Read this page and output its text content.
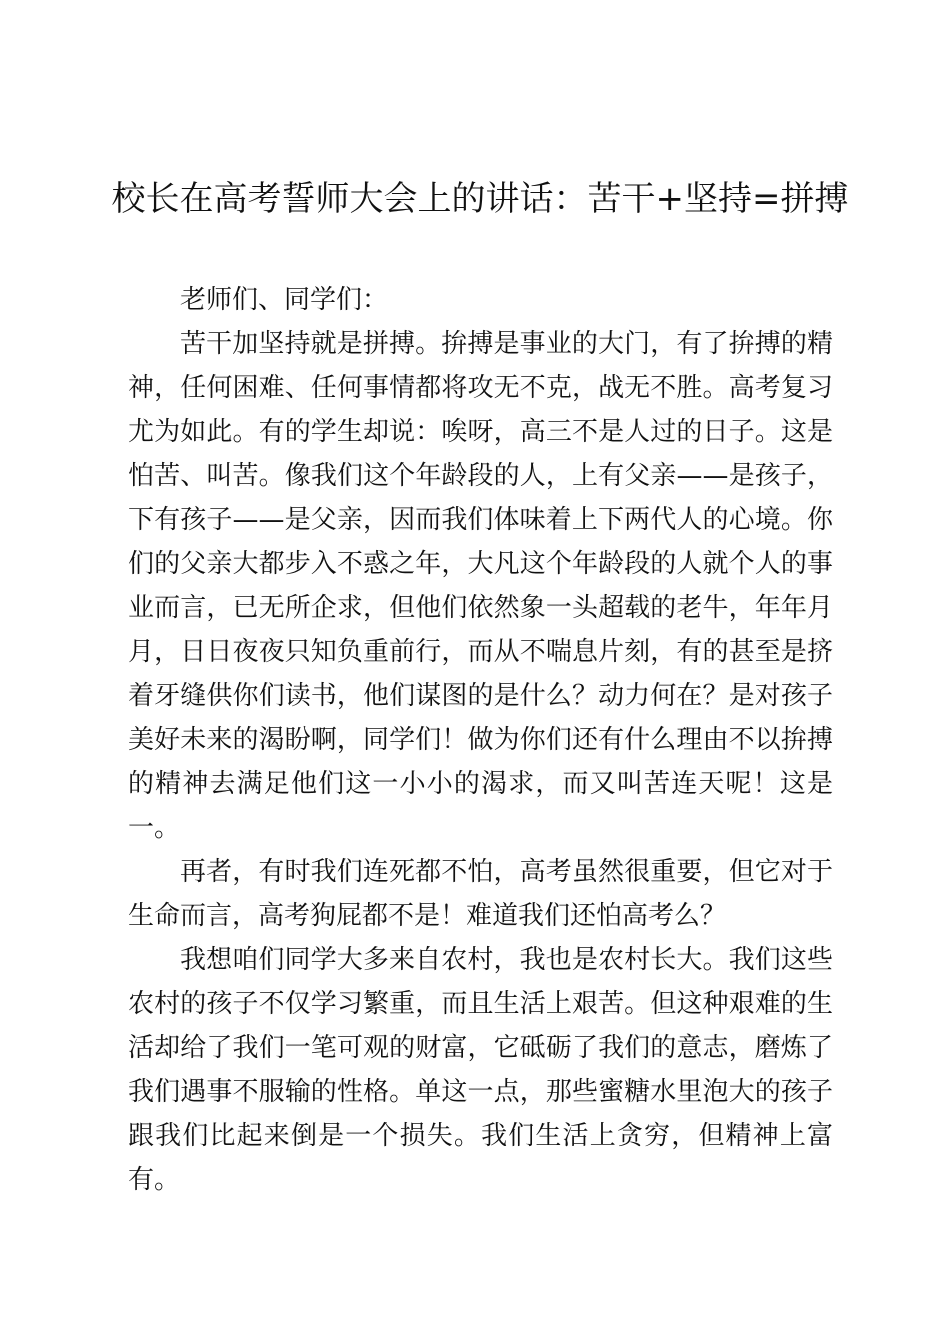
校长在高考誓师大会上的讲话：苦干+坚持=拼搏

老师们、同学们：

苦干加坚持就是拼搏。拚搏是事业的大门，有了拚搏的精神，任何困难、任何事情都将攻无不克，战无不胜。高考复习尤为如此。有的学生却说：唉呀，高三不是人过的日子。这是怕苦、叫苦。像我们这个年龄段的人，上有父亲——是孩子，下有孩子——是父亲，因而我们体味着上下两代人的心境。你们的父亲大都步入不惑之年，大凡这个年龄段的人就个人的事业而言，已无所企求，但他们依然象一头超载的老牛，年年月月，日日夜夜只知负重前行，而从不喘息片刻，有的甚至是挤着牙缝供你们读书，他们谋图的是什么？动力何在？是对孩子美好未来的渴盼啊，同学们！做为你们还有什么理由不以拚搏的精神去满足他们这一小小的渴求，而又叫苦连天呢！这是一。

再者，有时我们连死都不怕，高考虽然很重要，但它对于生命而言，高考狗屁都不是！难道我们还怕高考么？

我想咱们同学大多来自农村，我也是农村长大。我们这些农村的孩子不仅学习繁重，而且生活上艰苦。但这种艰难的生活却给了我们一笔可观的财富，它砥砺了我们的意志，磨炼了我们遇事不服输的性格。单这一点，那些蜜糖水里泡大的孩子跟我们比起来倒是一个损失。我们生活上贪穷，但精神上富有。
